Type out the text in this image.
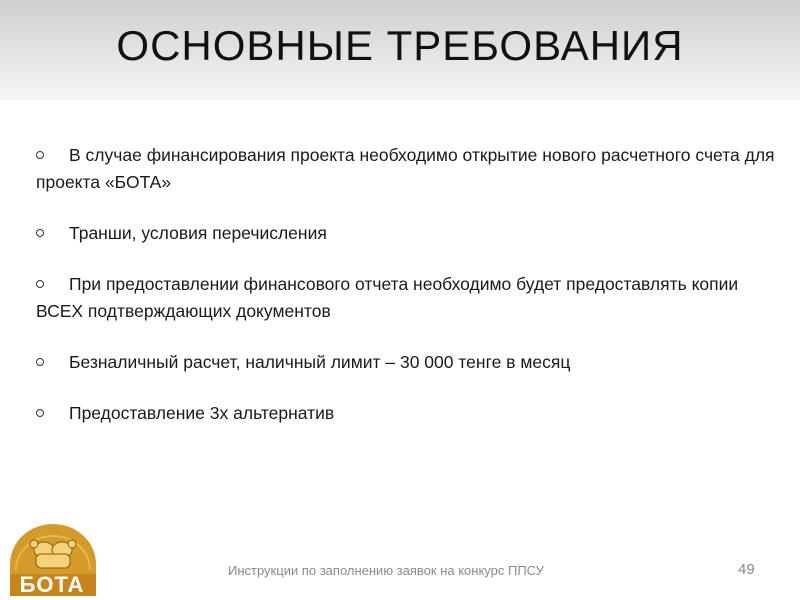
ОСНОВНЫЕ ТРЕБОВАНИЯ
В случае финансирования проекта необходимо открытие нового расчетного счета для проекта «БОТА»
Транши, условия перечисления
При предоставлении финансового отчета необходимо будет предоставлять копии ВСЕХ подтверждающих документов
Безналичный расчет, наличный лимит – 30 000 тенге в месяц
Предоставление 3х альтернатив
БОТА
Инструкции по заполнению заявок на конкурс ППСУ	49
